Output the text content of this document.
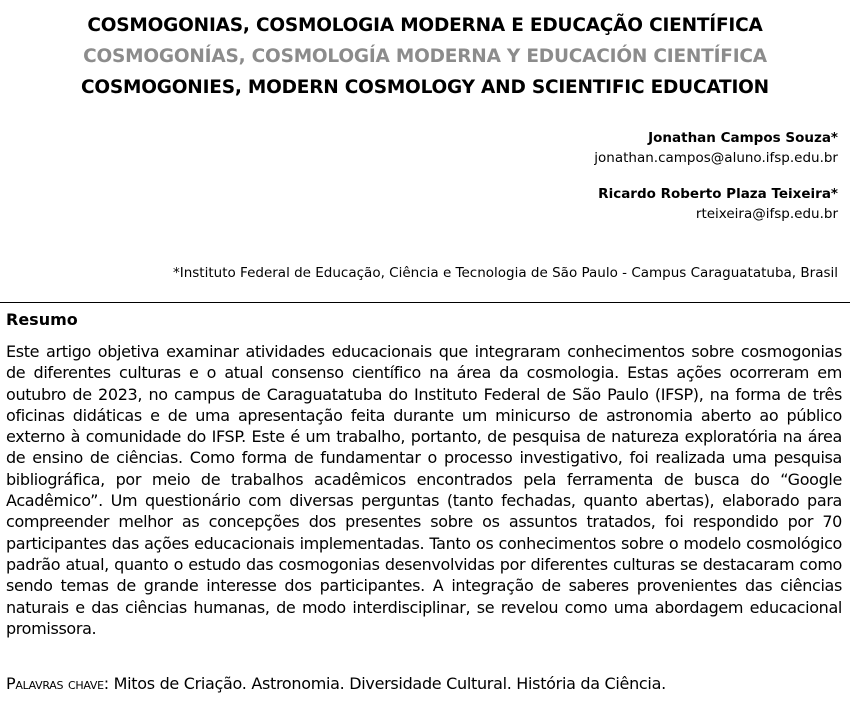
COSMOGONIAS, COSMOLOGIA MODERNA E EDUCAÇÃO CIENTÍFICA
COSMOGONÍAS, COSMOLOGÍA MODERNA Y EDUCACIÓN CIENTÍFICA
COSMOGONIES, MODERN COSMOLOGY AND SCIENTIFIC EDUCATION
Jonathan Campos Souza*
jonathan.campos@aluno.ifsp.edu.br
Ricardo Roberto Plaza Teixeira*
rteixeira@ifsp.edu.br
*Instituto Federal de Educação, Ciência e Tecnologia de São Paulo - Campus Caraguatatuba, Brasil
Resumo

Este artigo objetiva examinar atividades educacionais que integraram conhecimentos sobre cosmogonias de diferentes culturas e o atual consenso científico na área da cosmologia. Estas ações ocorreram em outubro de 2023, no campus de Caraguatatuba do Instituto Federal de São Paulo (IFSP), na forma de três oficinas didáticas e de uma apresentação feita durante um minicurso de astronomia aberto ao público externo à comunidade do IFSP. Este é um trabalho, portanto, de pesquisa de natureza exploratória na área de ensino de ciências. Como forma de fundamentar o processo investigativo, foi realizada uma pesquisa bibliográfica, por meio de trabalhos acadêmicos encontrados pela ferramenta de busca do “Google Acadêmico”. Um questionário com diversas perguntas (tanto fechadas, quanto abertas), elaborado para compreender melhor as concepções dos presentes sobre os assuntos tratados, foi respondido por 70 participantes das ações educacionais implementadas. Tanto os conhecimentos sobre o modelo cosmológico padrão atual, quanto o estudo das cosmogonias desenvolvidas por diferentes culturas se destacaram como sendo temas de grande interesse dos participantes. A integração de saberes provenientes das ciências naturais e das ciências humanas, de modo interdisciplinar, se revelou como uma abordagem educacional promissora.

Palavras chave: Mitos de Criação. Astronomia. Diversidade Cultural. História da Ciência.
